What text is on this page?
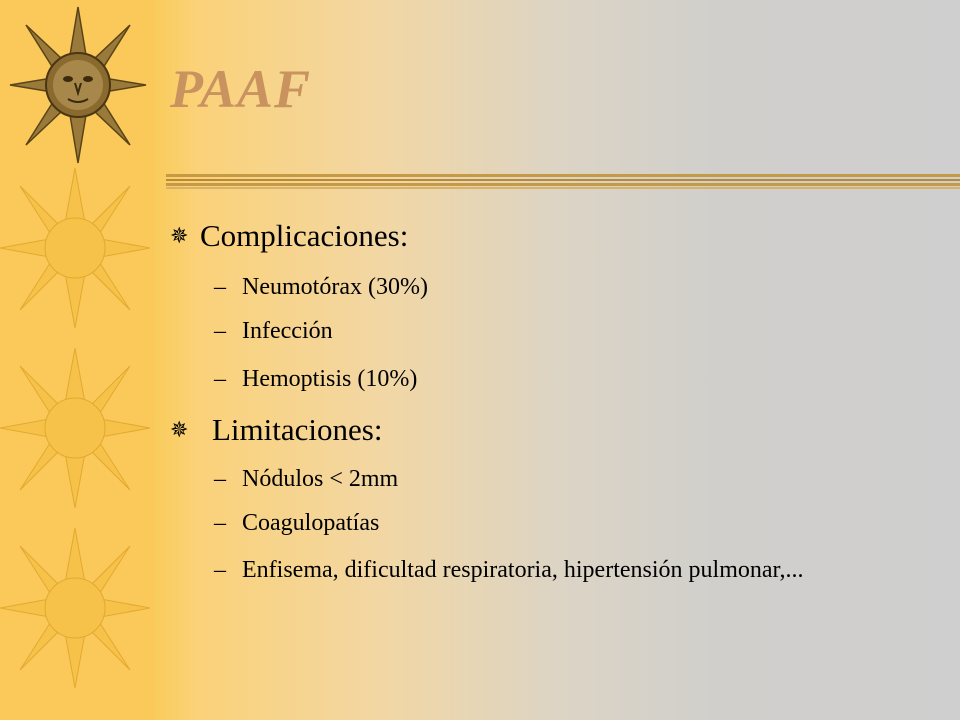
PAAF
✵ Complicaciones:
– Neumotórax (30%)
– Infección
– Hemoptisis (10%)
✵ Limitaciones:
– Nódulos < 2mm
– Coagulopatías
– Enfisema, dificultad respiratoria, hipertensión pulmonar,...
